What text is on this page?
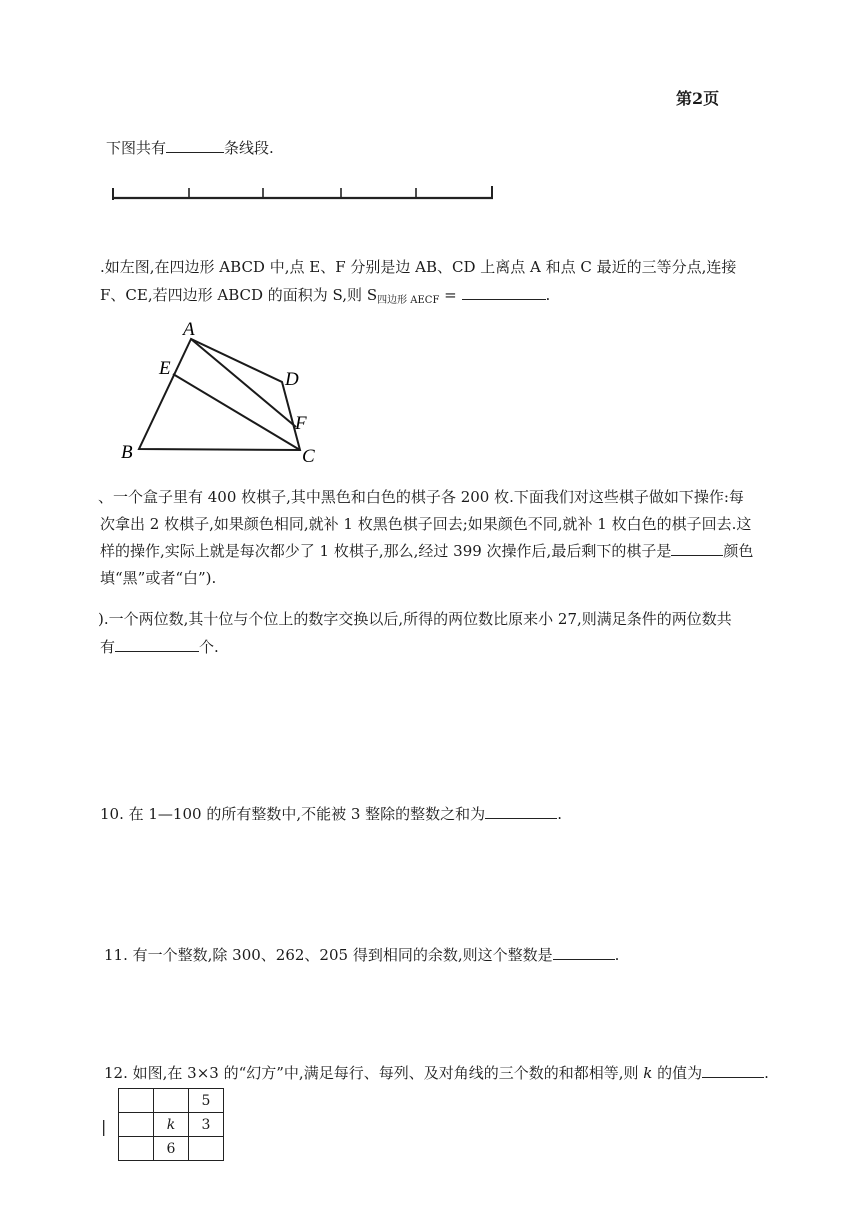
第2页
下图共有	条线段.
.如左图,在四边形 ABCD 中,点 E、F 分别是边 AB、CD 上离点 A 和点 C 最近的三等分点,连接
F、CE,若四边形 ABCD 的面积为 S,则 $S_{四边形 AECF}$ =	.
A
E
D
F
B	C
、一个盒子里有 400 枚棋子,其中黑色和白色的棋子各 200 枚.下面我们对这些棋子做如下操作:每
次拿出 2 枚棋子,如果颜色相同,就补 1 枚黑色棋子回去;如果颜色不同,就补 1 枚白色的棋子回去.这
样的操作,实际上就是每次都少了 1 枚棋子,那么,经过 399 次操作后,最后剩下的棋子是	颜色
填“黑”或者“白”).
).一个两位数,其十位与个位上的数字交换以后,所得的两位数比原来小 27,则满足条件的两位数共
有	个.
10. 在 1—100 的所有整数中,不能被 3 整除的整数之和为	.
11. 有一个整数,除 300、262、205 得到相同的余数,则这个整数是	.
12. 如图,在 3×3 的“幻方”中,满足每行、每列、及对角线的三个数的和都相等,则 k 的值为	.
|
		5
	k	3
	6	
